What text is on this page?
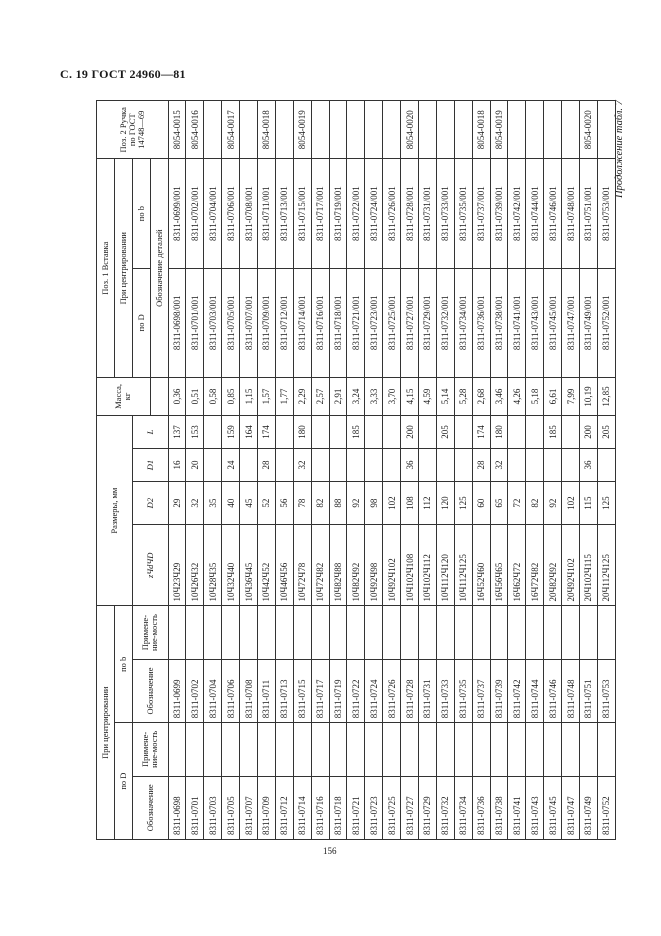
С. 19 ГОСТ 24960—81
Продолжение табл. 7
156
При центрировании				Размеры, мм				Масса, кг	Поз. 1 Вставка		Поз. 2 Ручка по ГОСТ 14748—69
по D		по b							При центрировании		
Обозначение	Примене-ние-мость	Обозначение	Примене-ние-мость	zЧdЧD	D2	D1	L		по D	по b	
									Обозначение деталей		
8311-0698		8311-0699		10Ч23Ч29	29	16	137	0,36	8311-0698/001	8311-0699/001	8054-0015
8311-0701		8311-0702		10Ч26Ч32	32	20	153	0,51	8311-0701/001	8311-0702/001	8054-0016
8311-0703		8311-0704		10Ч28Ч35	35			0,58	8311-0703/001	8311-0704/001	
8311-0705		8311-0706		10Ч32Ч40	40	24	159	0,85	8311-0705/001	8311-0706/001	8054-0017
8311-0707		8311-0708		10Ч36Ч45	45		164	1,15	8311-0707/001	8311-0708/001	
8311-0709		8311-0711		10Ч42Ч52	52	28	174	1,57	8311-0709/001	8311-0711/001	8054-0018
8311-0712		8311-0713		10Ч46Ч56	56			1,77	8311-0712/001	8311-0713/001	
8311-0714		8311-0715		10Ч72Ч78	78	32	180	2,29	8311-0714/001	8311-0715/001	8054-0019
8311-0716		8311-0717		10Ч72Ч82	82			2,57	8311-0716/001	8311-0717/001	
8311-0718		8311-0719		10Ч82Ч88	88			2,91	8311-0718/001	8311-0719/001	
8311-0721		8311-0722		10Ч82Ч92	92		185	3,24	8311-0721/001	8311-0722/001	
8311-0723		8311-0724		10Ч92Ч98	98			3,33	8311-0723/001	8311-0724/001	
8311-0725		8311-0726		10Ч92Ч102	102			3,70	8311-0725/001	8311-0726/001	
8311-0727		8311-0728		10Ч102Ч108	108	36	200	4,15	8311-0727/001	8311-0728/001	8054-0020
8311-0729		8311-0731		10Ч102Ч112	112			4,59	8311-0729/001	8311-0731/001	
8311-0732		8311-0733		10Ч112Ч120	120		205	5,14	8311-0732/001	8311-0733/001	
8311-0734		8311-0735		10Ч112Ч125	125			5,28	8311-0734/001	8311-0735/001	
8311-0736		8311-0737		16Ч52Ч60	60	28	174	2,68	8311-0736/001	8311-0737/001	8054-0018
8311-0738		8311-0739		16Ч56Ч65	65	32	180	3,46	8311-0738/001	8311-0739/001	8054-0019
8311-0741		8311-0742		16Ч62Ч72	72			4,26	8311-0741/001	8311-0742/001	
8311-0743		8311-0744		16Ч72Ч82	82			5,18	8311-0743/001	8311-0744/001	
8311-0745		8311-0746		20Ч82Ч92	92		185	6,61	8311-0745/001	8311-0746/001	
8311-0747		8311-0748		20Ч92Ч102	102			7,99	8311-0747/001	8311-0748/001	
8311-0749		8311-0751		20Ч102Ч115	115	36	200	10,19	8311-0749/001	8311-0751/001	8054-0020
8311-0752		8311-0753		20Ч112Ч125	125		205	12,85	8311-0752/001	8311-0753/001	
